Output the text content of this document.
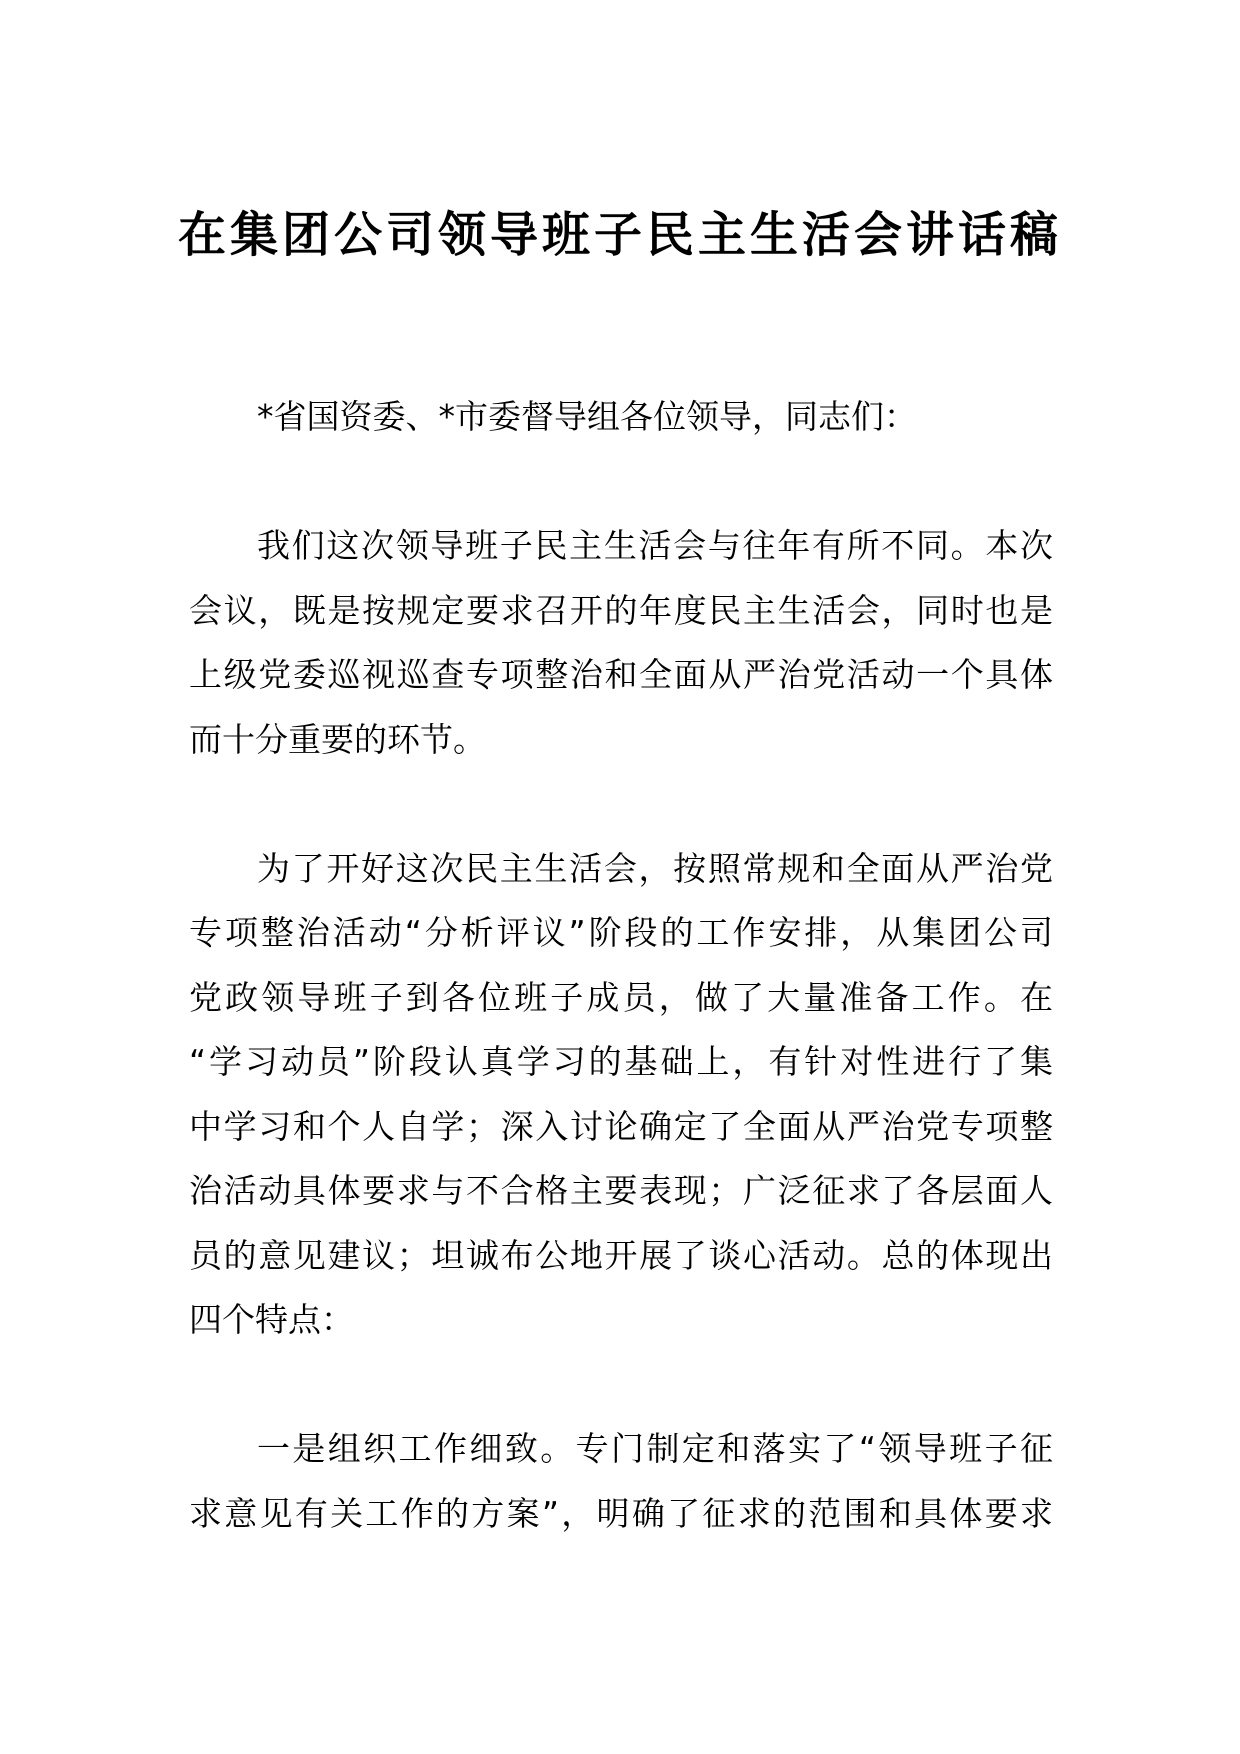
在集团公司领导班子民主生活会讲话稿
*省国资委、*市委督导组各位领导，同志们：
我们这次领导班子民主生活会与往年有所不同。本次
会议，既是按规定要求召开的年度民主生活会，同时也是
上级党委巡视巡查专项整治和全面从严治党活动一个具体
而十分重要的环节。
为了开好这次民主生活会，按照常规和全面从严治党
专项整治活动“分析评议”阶段的工作安排，从集团公司
党政领导班子到各位班子成员，做了大量准备工作。在
“学习动员”阶段认真学习的基础上，有针对性进行了集
中学习和个人自学；深入讨论确定了全面从严治党专项整
治活动具体要求与不合格主要表现；广泛征求了各层面人
员的意见建议；坦诚布公地开展了谈心活动。总的体现出
四个特点：
一是组织工作细致。专门制定和落实了“领导班子征
求意见有关工作的方案”，明确了征求的范围和具体要求
